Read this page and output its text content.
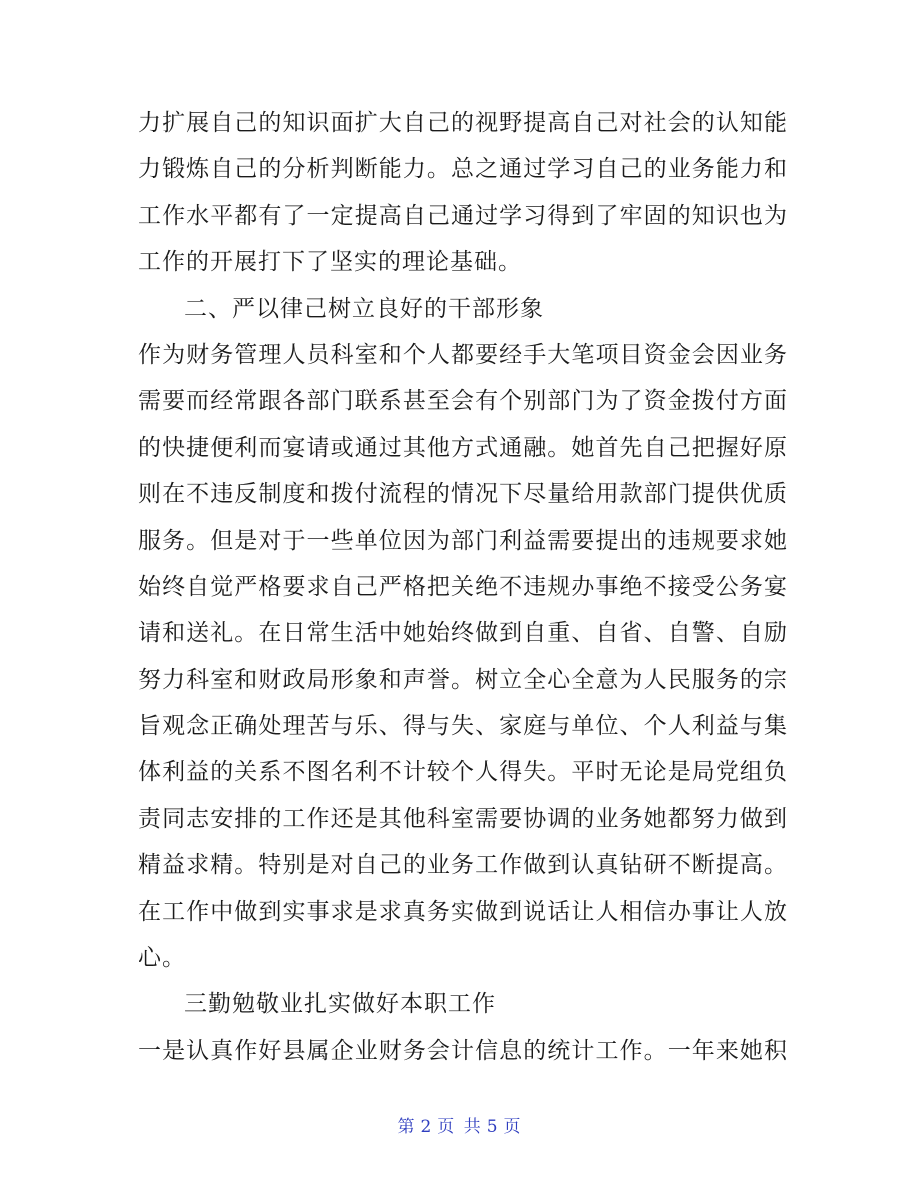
力扩展自己的知识面扩大自己的视野提高自己对社会的认知能
力锻炼自己的分析判断能力。总之通过学习自己的业务能力和
工作水平都有了一定提高自己通过学习得到了牢固的知识也为
工作的开展打下了坚实的理论基础。
二、严以律己树立良好的干部形象
作为财务管理人员科室和个人都要经手大笔项目资金会因业务
需要而经常跟各部门联系甚至会有个别部门为了资金拨付方面
的快捷便利而宴请或通过其他方式通融。她首先自己把握好原
则在不违反制度和拨付流程的情况下尽量给用款部门提供优质
服务。但是对于一些单位因为部门利益需要提出的违规要求她
始终自觉严格要求自己严格把关绝不违规办事绝不接受公务宴
请和送礼。在日常生活中她始终做到自重、自省、自警、自励
努力科室和财政局形象和声誉。树立全心全意为人民服务的宗
旨观念正确处理苦与乐、得与失、家庭与单位、个人利益与集
体利益的关系不图名利不计较个人得失。平时无论是局党组负
责同志安排的工作还是其他科室需要协调的业务她都努力做到
精益求精。特别是对自己的业务工作做到认真钻研不断提高。
在工作中做到实事求是求真务实做到说话让人相信办事让人放
心。
三勤勉敬业扎实做好本职工作
一是认真作好县属企业财务会计信息的统计工作。一年来她积
第 2 页 共 5 页
